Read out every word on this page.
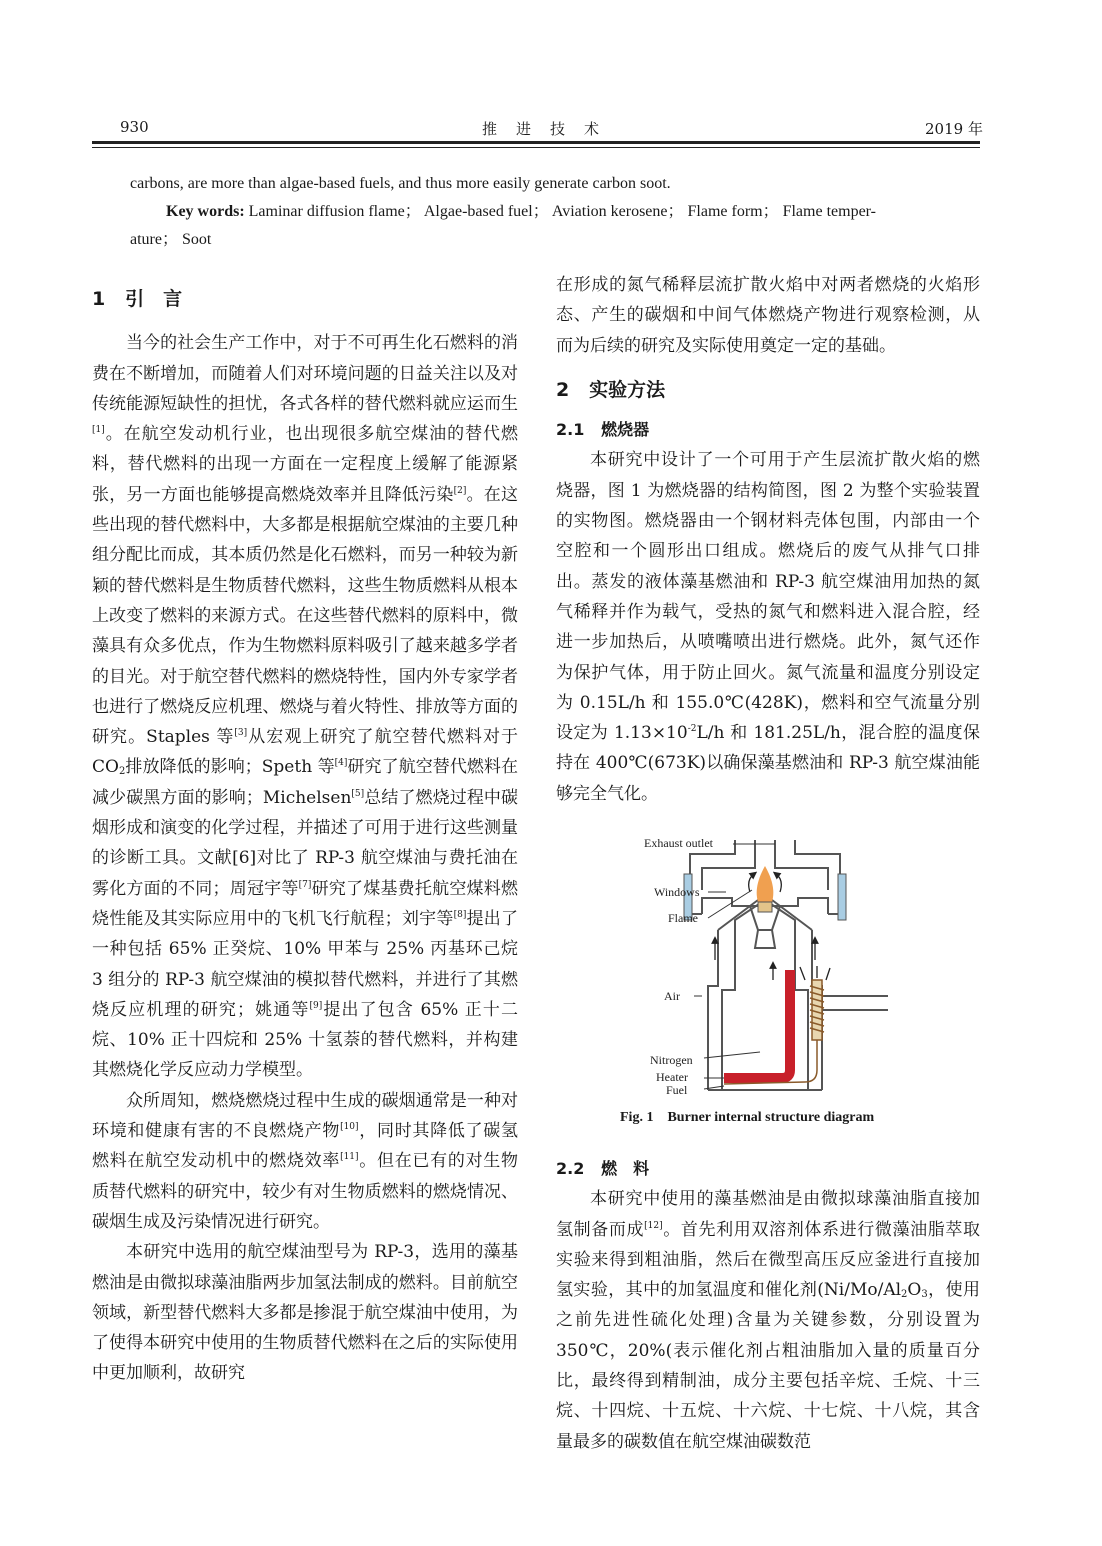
930	推　进　技　术	2019 年
carbons, are more than algae-based fuels, and thus more easily generate carbon soot.
Key words: Laminar diffusion flame； Algae-based fuel； Aviation kerosene； Flame form； Flame temper-
ature； Soot
1 引　言

当今的社会生产工作中，对于不可再生化石燃料的消费在不断增加，而随着人们对环境问题的日益关注以及对传统能源短缺性的担忧，各式各样的替代燃料就应运而生[1]。在航空发动机行业，也出现很多航空煤油的替代燃料，替代燃料的出现一方面在一定程度上缓解了能源紧张，另一方面也能够提高燃烧效率并且降低污染[2]。在这些出现的替代燃料中，大多都是根据航空煤油的主要几种组分配比而成，其本质仍然是化石燃料，而另一种较为新颖的替代燃料是生物质替代燃料，这些生物质燃料从根本上改变了燃料的来源方式。在这些替代燃料的原料中，微藻具有众多优点，作为生物燃料原料吸引了越来越多学者的目光。对于航空替代燃料的燃烧特性，国内外专家学者也进行了燃烧反应机理、燃烧与着火特性、排放等方面的研究。Staples 等[3]从宏观上研究了航空替代燃料对于 $CO_2$排放降低的影响；Speth 等[4]研究了航空替代燃料在减少碳黑方面的影响；Michelsen[5]总结了燃烧过程中碳烟形成和演变的化学过程，并描述了可用于进行这些测量的诊断工具。文献[6]对比了 RP-3 航空煤油与费托油在雾化方面的不同；周冠宇等[7]研究了煤基费托航空煤料燃烧性能及其实际应用中的飞机飞行航程；刘宇等[8]提出了一种包括 65% 正癸烷、10% 甲苯与 25% 丙基环己烷 3 组分的 RP-3 航空煤油的模拟替代燃料，并进行了其燃烧反应机理的研究；姚通等[9]提出了包含 65% 正十二烷、10% 正十四烷和 25% 十氢萘的替代燃料，并构建其燃烧化学反应动力学模型。

众所周知，燃烧燃烧过程中生成的碳烟通常是一种对环境和健康有害的不良燃烧产物[10]，同时其降低了碳氢燃料在航空发动机中的燃烧效率[11]。但在已有的对生物质替代燃料的研究中，较少有对生物质燃料的燃烧情况、碳烟生成及污染情况进行研究。

本研究中选用的航空煤油型号为 RP-3，选用的藻基燃油是由微拟球藻油脂两步加氢法制成的燃料。目前航空领域，新型替代燃料大多都是掺混于航空煤油中使用，为了使得本研究中使用的生物质替代燃料在之后的实际使用中更加顺利，故研究

在形成的氮气稀释层流扩散火焰中对两者燃烧的火焰形态、产生的碳烟和中间气体燃烧产物进行观察检测，从而为后续的研究及实际使用奠定一定的基础。

2 实验方法
2.1 燃烧器

本研究中设计了一个可用于产生层流扩散火焰的燃烧器，图 1 为燃烧器的结构简图，图 2 为整个实验装置的实物图。燃烧器由一个钢材料壳体包围，内部由一个空腔和一个圆形出口组成。燃烧后的废气从排气口排出。蒸发的液体藻基燃油和 RP-3 航空煤油用加热的氮气稀释并作为载气，受热的氮气和燃料进入混合腔，经进一步加热后，从喷嘴喷出进行燃烧。此外，氮气还作为保护气体，用于防止回火。氮气流量和温度分别设定为 0.15L/h 和 155.0℃(428K)，燃料和空气流量分别设定为 $1.13\times 10^{-2}L/h$ 和 181.25L/h，混合腔的温度保持在 400℃(673K)以确保藻基燃油和 RP-3 航空煤油能够完全气化。

Exhaust outlet
Windows
Flame
Air
Nitrogen
Heater
Fuel
Fig. 1　Burner internal structure diagram
2.2 燃　料

本研究中使用的藻基燃油是由微拟球藻油脂直接加氢制备而成[12]。首先利用双溶剂体系进行微藻油脂萃取实验来得到粗油脂，然后在微型高压反应釜进行直接加氢实验，其中的加氢温度和催化剂($Ni/Mo/Al_2O_3$，使用之前先进性硫化处理)含量为关键参数，分别设置为 350℃，20%(表示催化剂占粗油脂加入量的质量百分比，最终得到精制油，成分主要包括辛烷、壬烷、十三烷、十四烷、十五烷、十六烷、十七烷、十八烷，其含量最多的碳数值在航空煤油碳数范
